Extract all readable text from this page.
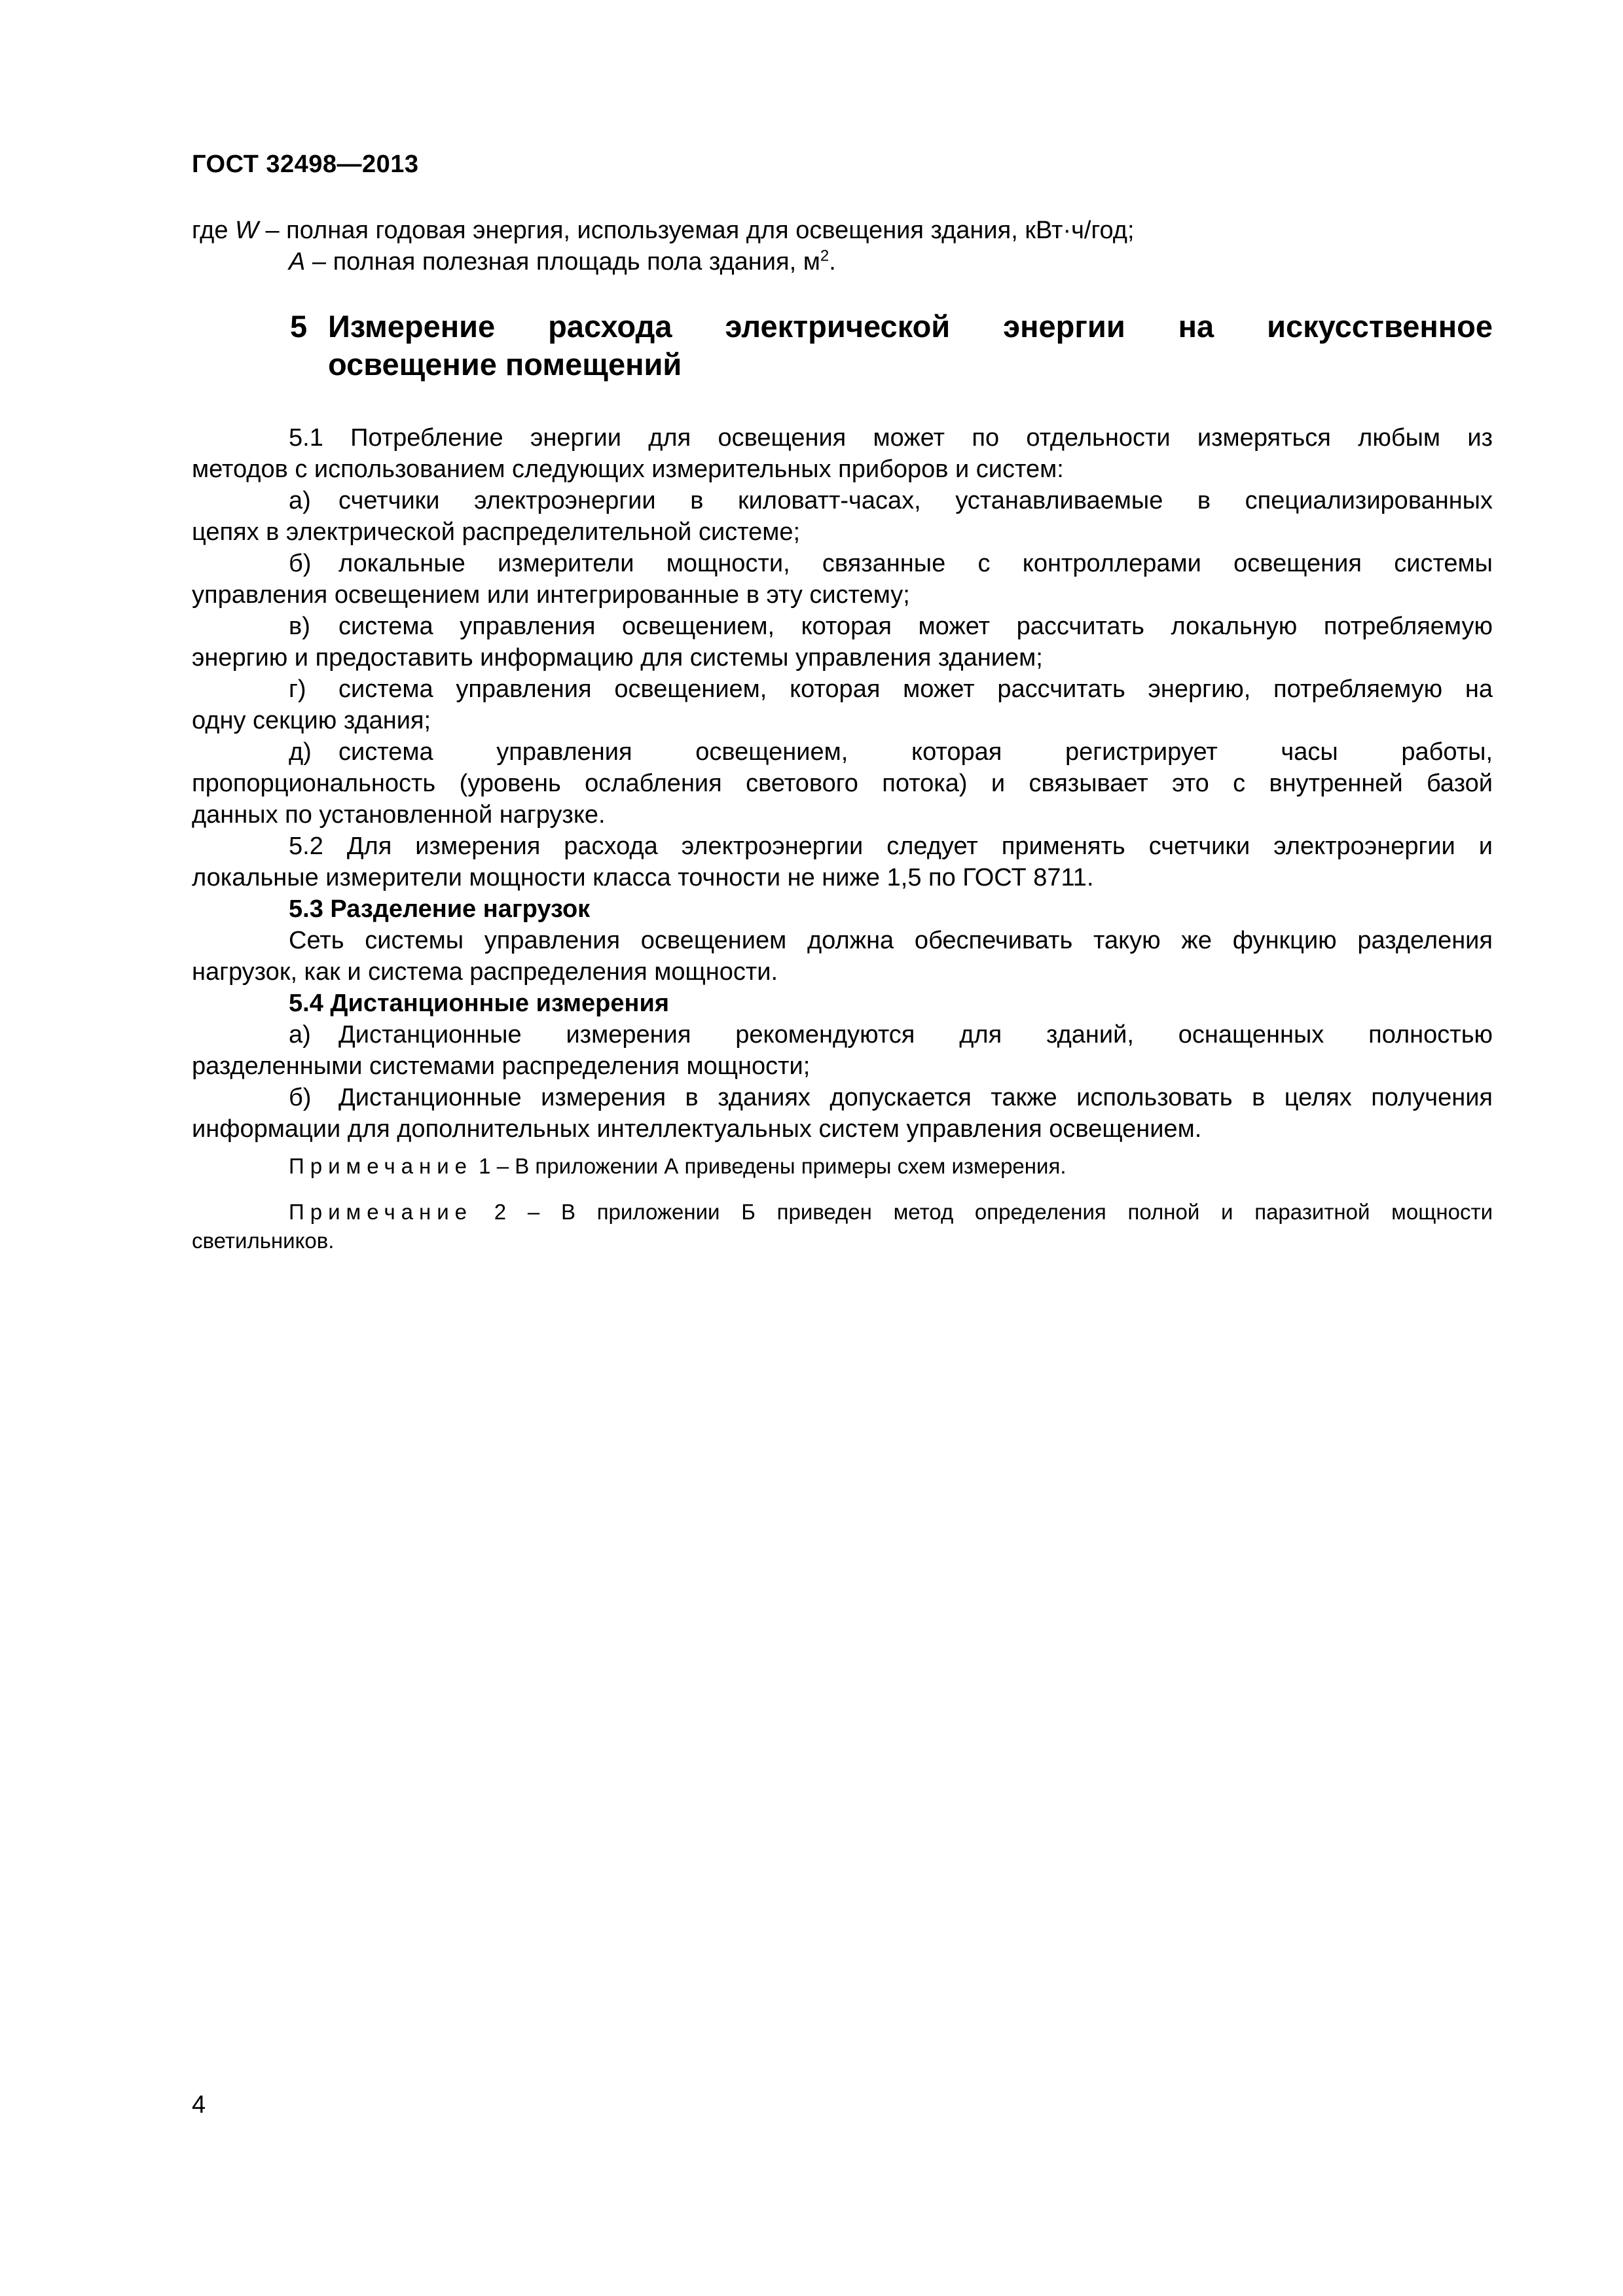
ГОСТ 32498—2013
где W – полная годовая энергия, используемая для освещения здания, кВт·ч/год;
A – полная полезная площадь пола здания, $м^2$.
5 Измерение расхода электрической энергии на искусственное
освещение помещений
5.1 Потребление энергии для освещения может по отдельности измеряться любым из
методов с использованием следующих измерительных приборов и систем:
а) счетчики электроэнергии в киловатт-часах, устанавливаемые в специализированных
цепях в электрической распределительной системе;
б) локальные измерители мощности, связанные с контроллерами освещения системы
управления освещением или интегрированные в эту систему;
в) система управления освещением, которая может рассчитать локальную потребляемую
энергию и предоставить информацию для системы управления зданием;
г) система управления освещением, которая может рассчитать энергию, потребляемую на
одну секцию здания;
д) система управления освещением, которая регистрирует часы работы,
пропорциональность (уровень ослабления светового потока) и связывает это с внутренней базой
данных по установленной нагрузке.
5.2 Для измерения расхода электроэнергии следует применять счетчики электроэнергии и
локальные измерители мощности класса точности не ниже 1,5 по ГОСТ 8711.
5.3 Разделение нагрузок
Сеть системы управления освещением должна обеспечивать такую же функцию разделения
нагрузок, как и система распределения мощности.
5.4 Дистанционные измерения
а) Дистанционные измерения рекомендуются для зданий, оснащенных полностью
разделенными системами распределения мощности;
б) Дистанционные измерения в зданиях допускается также использовать в целях получения
информации для дополнительных интеллектуальных систем управления освещением.
Примечание 1 – В приложении А приведены примеры схем измерения.
Примечание 2 – В приложении Б приведен метод определения полной и паразитной мощности
светильников.
4
